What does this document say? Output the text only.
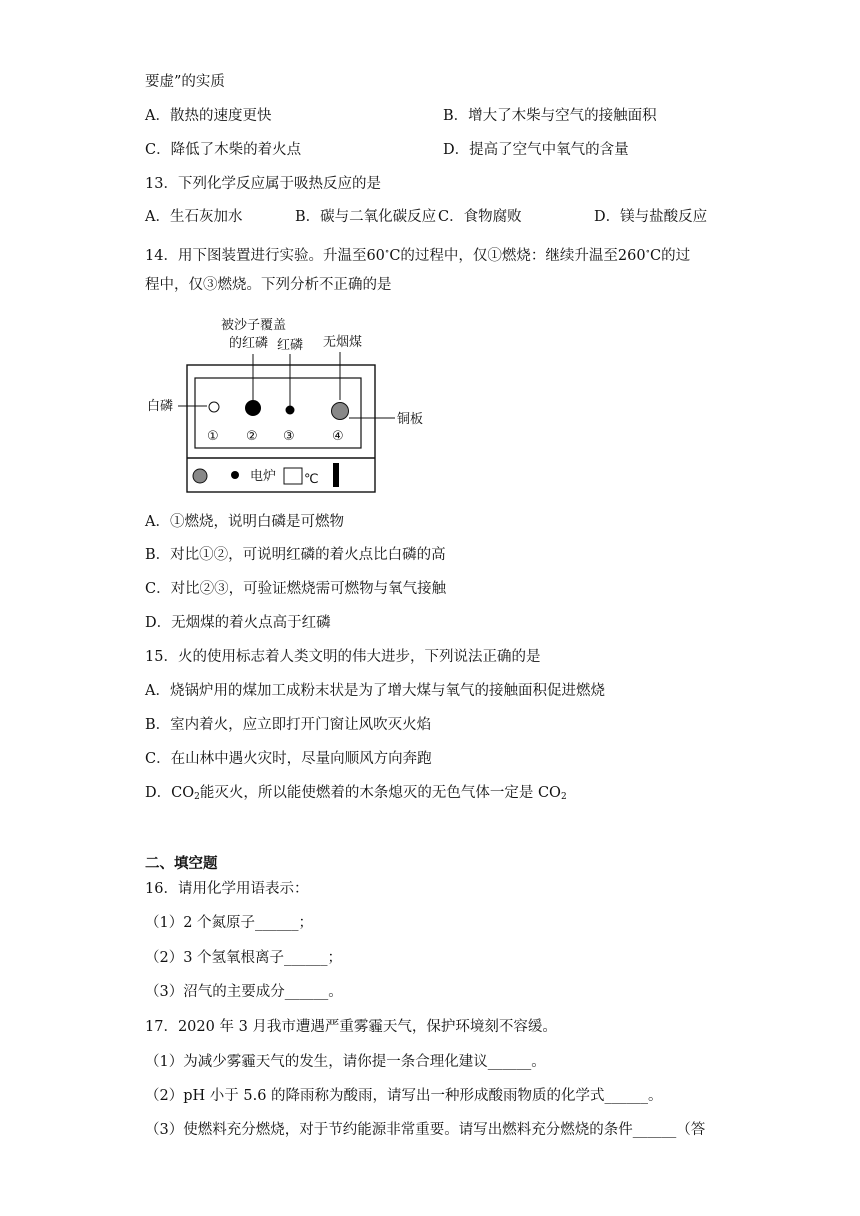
要虚”的实质
A．散热的速度更快	B．增大了木柴与空气的接触面积
C．降低了木柴的着火点	D．提高了空气中氧气的含量
13．下列化学反应属于吸热反应的是
A．生石灰加水	B．碳与二氧化碳反应 C．食物腐败	D．镁与盐酸反应
14．用下图装置进行实验。升温至60∘C的过程中，仅①燃烧：继续升温至260∘C的过
程中，仅③燃烧。下列分析不正确的是
被沙子覆盖
的红磷 红磷 无烟煤
白磷
铜板
① ② ③	④
电炉 ℃
A．①燃烧，说明白磷是可燃物
B．对比①②，可说明红磷的着火点比白磷的高
C．对比②③，可验证燃烧需可燃物与氧气接触
D．无烟煤的着火点高于红磷
15．火的使用标志着人类文明的伟大进步，下列说法正确的是
A．烧锅炉用的煤加工成粉末状是为了增大煤与氧气的接触面积促进燃烧
B．室内着火，应立即打开门窗让风吹灭火焰
C．在山林中遇火灾时，尽量向顺风方向奔跑
D．$CO_2$能灭火，所以能使燃着的木条熄灭的无色气体一定是 $CO_2$
二、填空题
16．请用化学用语表示：
（1）2 个氮原子______；
（2）3 个氢氧根离子______；
（3）沼气的主要成分______。
17．2020 年 3 月我市遭遇严重雾霾天气，保护环境刻不容缓。
（1）为减少雾霾天气的发生，请你提一条合理化建议______。
（2）pH 小于 5.6 的降雨称为酸雨，请写出一种形成酸雨物质的化学式______。
（3）使燃料充分燃烧，对于节约能源非常重要。请写出燃料充分燃烧的条件______（答
